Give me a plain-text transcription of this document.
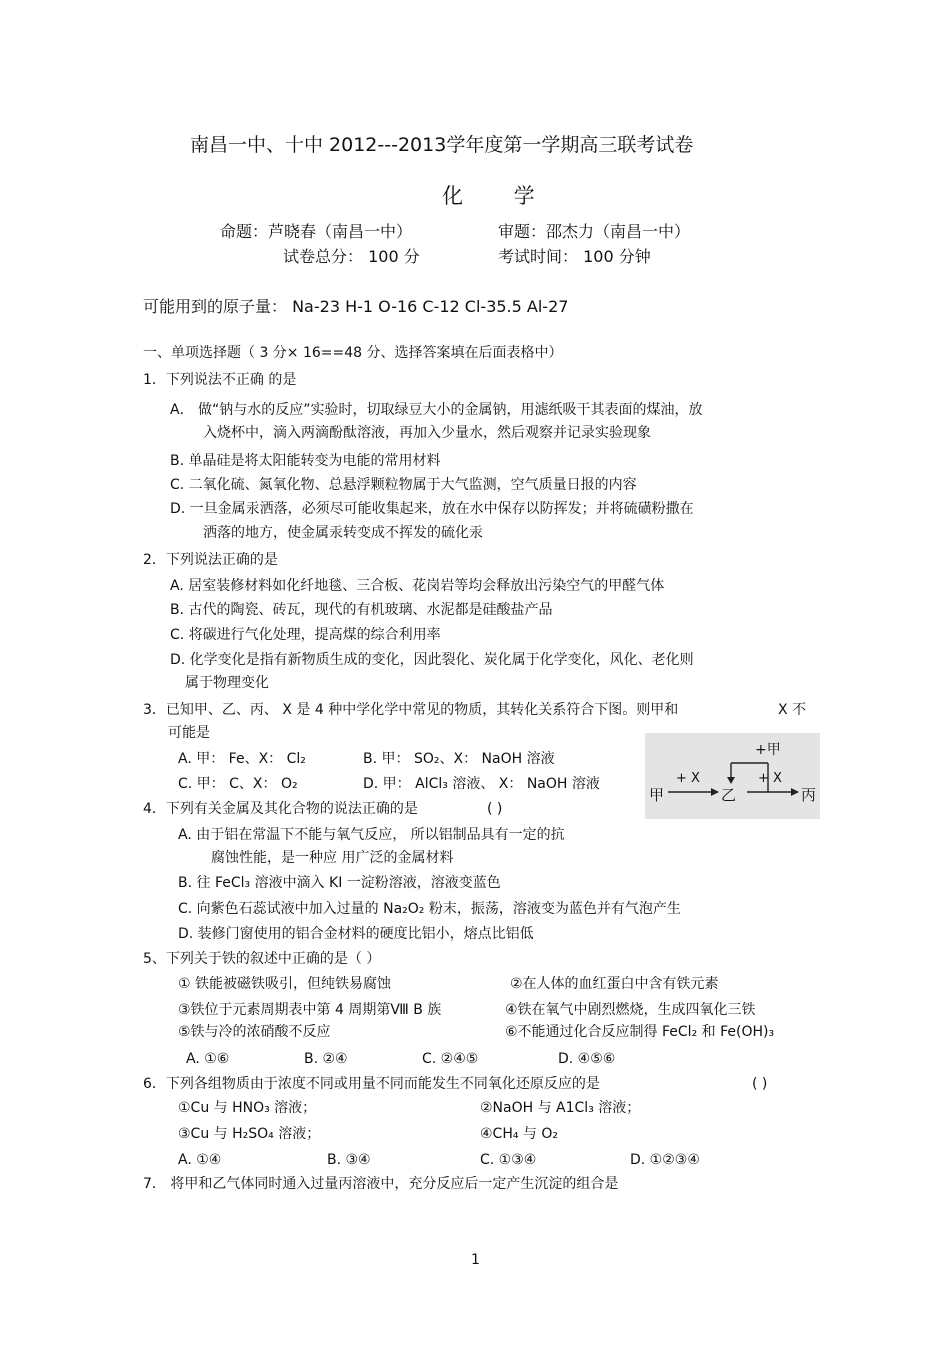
南昌一中、十中 2012---2013学年度第一学期高三联考试卷
化 学
命题：芦晓春（南昌一中）	审题：邵杰力（南昌一中）
试卷总分： 100 分	考试时间： 100 分钟
可能用到的原子量： Na-23 H-1 O-16 C-12 Cl-35.5 Al-27
一、单项选择题（ 3 分× 16==48 分、选择答案填在后面表格中）
1．下列说法不正确 的是
A． 做“钠与水的反应”实验时，切取绿豆大小的金属钠，用滤纸吸干其表面的煤油，放
入烧杯中，滴入两滴酚酞溶液，再加入少量水，然后观察并记录实验现象
B. 单晶硅是将太阳能转变为电能的常用材料
C. 二氧化硫、氮氧化物、总悬浮颗粒物属于大气监测，空气质量日报的内容
D. 一旦金属汞洒落，必须尽可能收集起来，放在水中保存以防挥发；并将硫磺粉撒在
洒落的地方，使金属汞转变成不挥发的硫化汞
2．下列说法正确的是
A. 居室装修材料如化纤地毯、三合板、花岗岩等均会释放出污染空气的甲醛气体
B. 古代的陶瓷、砖瓦，现代的有机玻璃、水泥都是硅酸盐产品
C. 将碳进行气化处理，提高煤的综合利用率
D. 化学变化是指有新物质生成的变化，因此裂化、炭化属于化学变化，风化、老化则
属于物理变化
3．已知甲、乙、丙、 X 是 4 种中学化学中常见的物质，其转化关系符合下图。则甲和	X 不
可能是
A. 甲： Fe、X： Cl₂	B. 甲： SO₂、X： NaOH 溶液
C. 甲： C、X： O₂	D. 甲： AlCl₃ 溶液、 X： NaOH 溶液
+甲
+ X	+ X
甲	乙	丙
4．下列有关金属及其化合物的说法正确的是	( )
A. 由于铝在常温下不能与氧气反应， 所以铝制品具有一定的抗
腐蚀性能，是一种应 用广泛的金属材料
B. 往 FeCl₃ 溶液中滴入 KI 一淀粉溶液，溶液变蓝色
C. 向紫色石蕊试液中加入过量的 Na₂O₂ 粉末，振荡，溶液变为蓝色并有气泡产生
D. 装修门窗使用的铝合金材料的硬度比铝小，熔点比铝低
5、下列关于铁的叙述中正确的是（ ）
① 铁能被磁铁吸引，但纯铁易腐蚀	②在人体的血红蛋白中含有铁元素
③铁位于元素周期表中第 4 周期第Ⅷ B 族	④铁在氧气中剧烈燃烧，生成四氧化三铁
⑤铁与冷的浓硝酸不反应	⑥不能通过化合反应制得 FeCl₂ 和 Fe(OH)₃
A. ①⑥	B. ②④	C. ②④⑤	D. ④⑤⑥
6．下列各组物质由于浓度不同或用量不同而能发生不同氧化还原反应的是	( )
①Cu 与 HNO₃ 溶液；	②NaOH 与 A1Cl₃ 溶液；
③Cu 与 H₂SO₄ 溶液；	④CH₄ 与 O₂
A. ①④	B. ③④	C. ①③④	D. ①②③④
7． 将甲和乙气体同时通入过量丙溶液中，充分反应后一定产生沉淀的组合是
1
